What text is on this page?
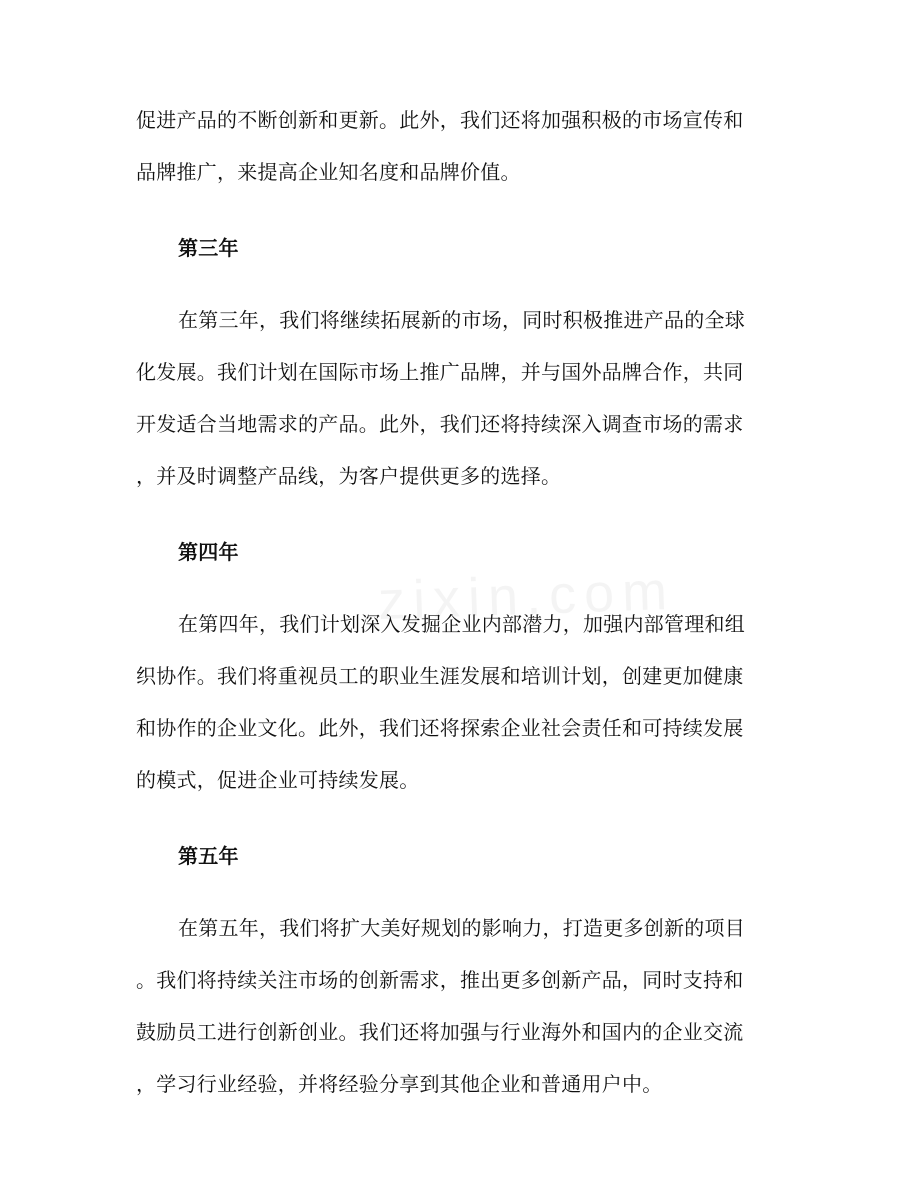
促进产品的不断创新和更新。此外，我们还将加强积极的市场宣传和
品牌推广，来提高企业知名度和品牌价值。
第三年
在第三年，我们将继续拓展新的市场，同时积极推进产品的全球
化发展。我们计划在国际市场上推广品牌，并与国外品牌合作，共同
开发适合当地需求的产品。此外，我们还将持续深入调查市场的需求
，并及时调整产品线，为客户提供更多的选择。
第四年
在第四年，我们计划深入发掘企业内部潜力，加强内部管理和组
织协作。我们将重视员工的职业生涯发展和培训计划，创建更加健康
和协作的企业文化。此外，我们还将探索企业社会责任和可持续发展
的模式，促进企业可持续发展。
第五年
在第五年，我们将扩大美好规划的影响力，打造更多创新的项目
。我们将持续关注市场的创新需求，推出更多创新产品，同时支持和
鼓励员工进行创新创业。我们还将加强与行业海外和国内的企业交流
，学习行业经验，并将经验分享到其他企业和普通用户中。
